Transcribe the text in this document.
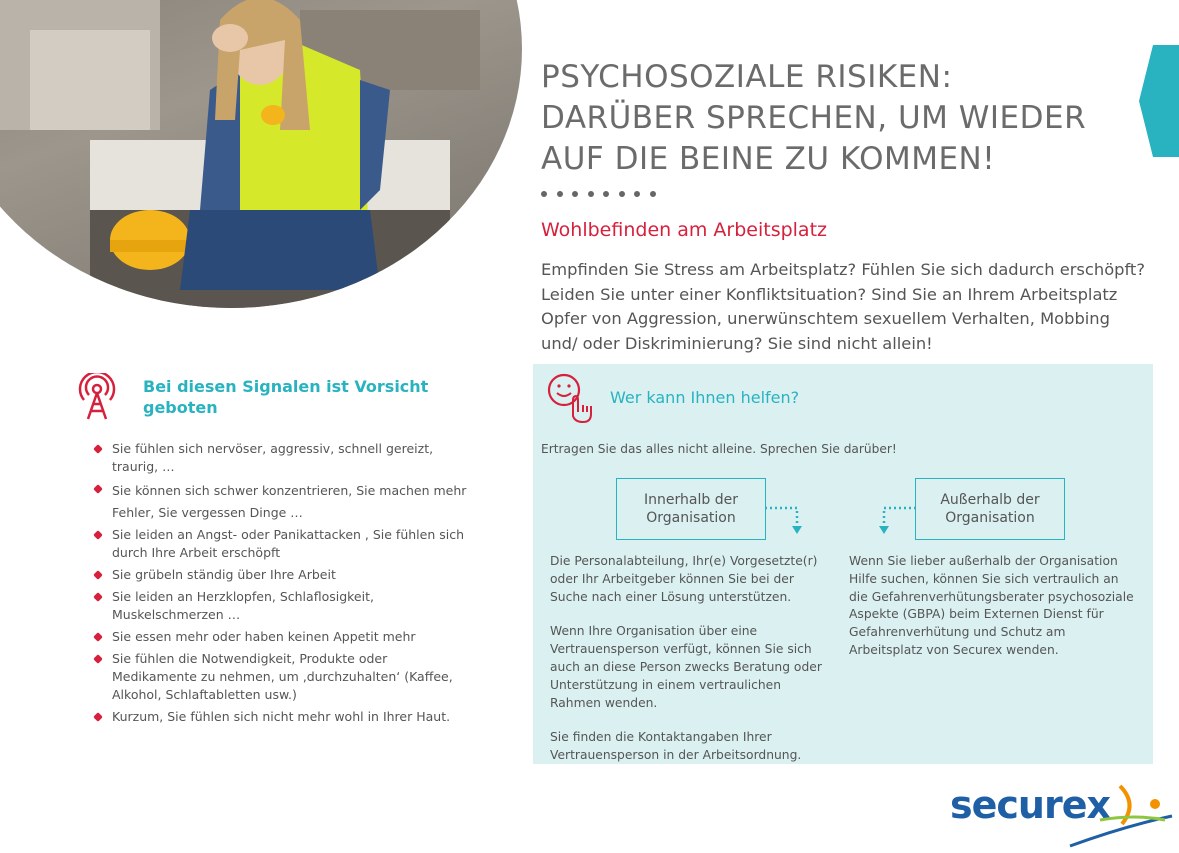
PSYCHOSOZIALE RISIKEN:
DARÜBER SPRECHEN, UM WIEDER
AUF DIE BEINE ZU KOMMEN!
Wohlbefinden am Arbeitsplatz

Empfinden Sie Stress am Arbeitsplatz? Fühlen Sie sich dadurch erschöpft? Leiden Sie unter einer Konfliktsituation? Sind Sie an Ihrem Arbeitsplatz Opfer von Aggression, unerwünschtem sexuellem Verhalten, Mobbing und/ oder Diskriminierung? Sie sind nicht allein!

Bei diesen Signalen ist Vorsicht geboten
Sie fühlen sich nervöser, aggressiv, schnell gereizt, traurig, …
Sie können sich schwer konzentrieren, Sie machen mehr Fehler, Sie vergessen Dinge …
Sie leiden an Angst- oder Panikattacken , Sie fühlen sich durch Ihre Arbeit erschöpft
Sie grübeln ständig über Ihre Arbeit
Sie leiden an Herzklopfen, Schlaflosigkeit, Muskelschmerzen …
Sie essen mehr oder haben keinen Appetit mehr
Sie fühlen die Notwendigkeit, Produkte oder Medikamente zu nehmen, um ‚durchzuhalten‘ (Kaffee, Alkohol, Schlaftabletten usw.)
Kurzum, Sie fühlen sich nicht mehr wohl in Ihrer Haut.
Wer kann Ihnen helfen?

Ertragen Sie das alles nicht alleine. Sprechen Sie darüber!

Innerhalb der Organisation
Außerhalb der Organisation

Die Personalabteilung, Ihr(e) Vorgesetzte(r) oder Ihr Arbeitgeber können Sie bei der Suche nach einer Lösung unterstützen.

Wenn Ihre Organisation über eine Vertrauensperson verfügt, können Sie sich auch an diese Person zwecks Beratung oder Unterstützung in einem vertraulichen Rahmen wenden.

Sie finden die Kontaktangaben Ihrer Vertrauensperson in der Arbeitsordnung.

Wenn Sie lieber außerhalb der Organisation Hilfe suchen, können Sie sich vertraulich an die Gefahrenverhütungsberater psychosoziale Aspekte (GBPA) beim Externen Dienst für Gefahrenverhütung und Schutz am Arbeitsplatz von Securex wenden.

securex
